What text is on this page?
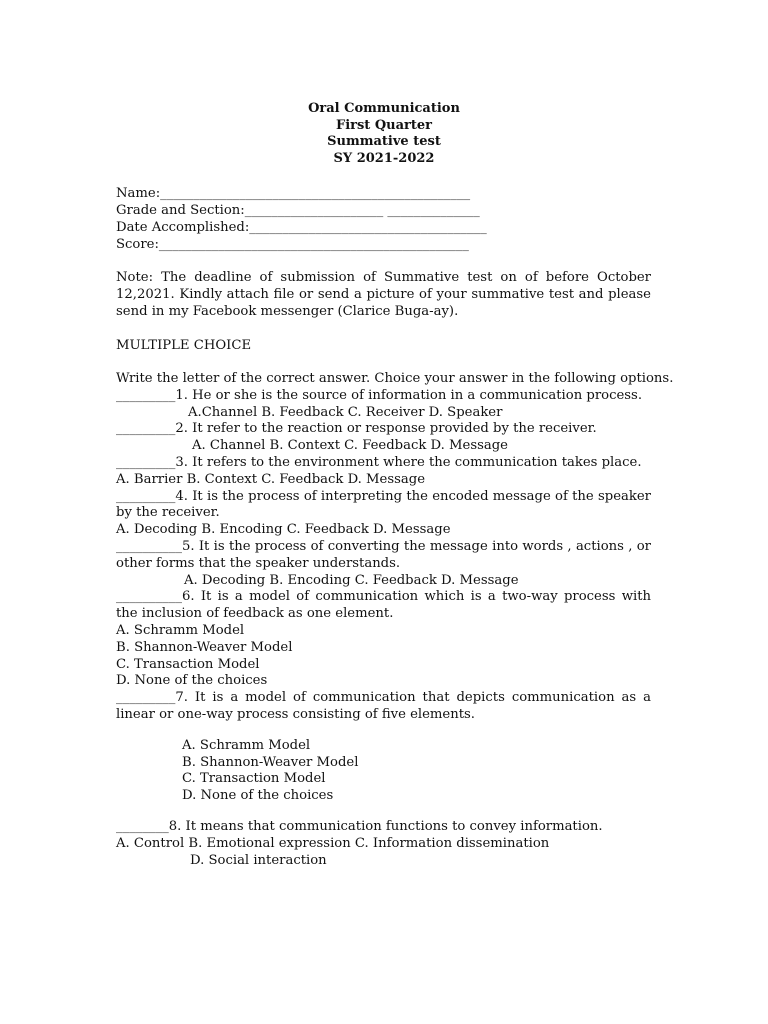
Oral Communication
First Quarter
Summative test
SY 2021-2022
Name:_______________________________________________
Grade and Section:_____________________ ______________
Date Accomplished:____________________________________
Score:_______________________________________________
Note: The deadline of submission of Summative test on of before October 12,2021. Kindly attach file or send a picture of your summative test and please send in my Facebook messenger (Clarice Buga-ay).
MULTIPLE CHOICE

Write the letter of the correct answer. Choice your answer in the following options.

_________1. He or she is the source of information in a communication process.

A.Channel B. Feedback C. Receiver D. Speaker

_________2. It refer to the reaction or response provided by the receiver.

A. Channel B. Context C. Feedback D. Message

_________3. It refers to the environment where the communication takes place.

A. Barrier B. Context C. Feedback D. Message

_________4. It is the process of interpreting the encoded message of the speaker by the receiver.

A. Decoding B. Encoding C. Feedback D. Message

__________5. It is the process of converting the message into words , actions , or other forms that the speaker understands.

A. Decoding B. Encoding C. Feedback D. Message

__________6. It is a model of communication which is a two-way process with the inclusion of feedback as one element.

A. Schramm Model

B. Shannon-Weaver Model

C. Transaction Model

D. None of the choices

_________7. It is a model of communication that depicts communication as a linear or one-way process consisting of five elements.

A. Schramm Model

B. Shannon-Weaver Model

C. Transaction Model

D. None of the choices

________8. It means that communication functions to convey information.

A. Control B. Emotional expression C. Information dissemination

D. Social interaction
